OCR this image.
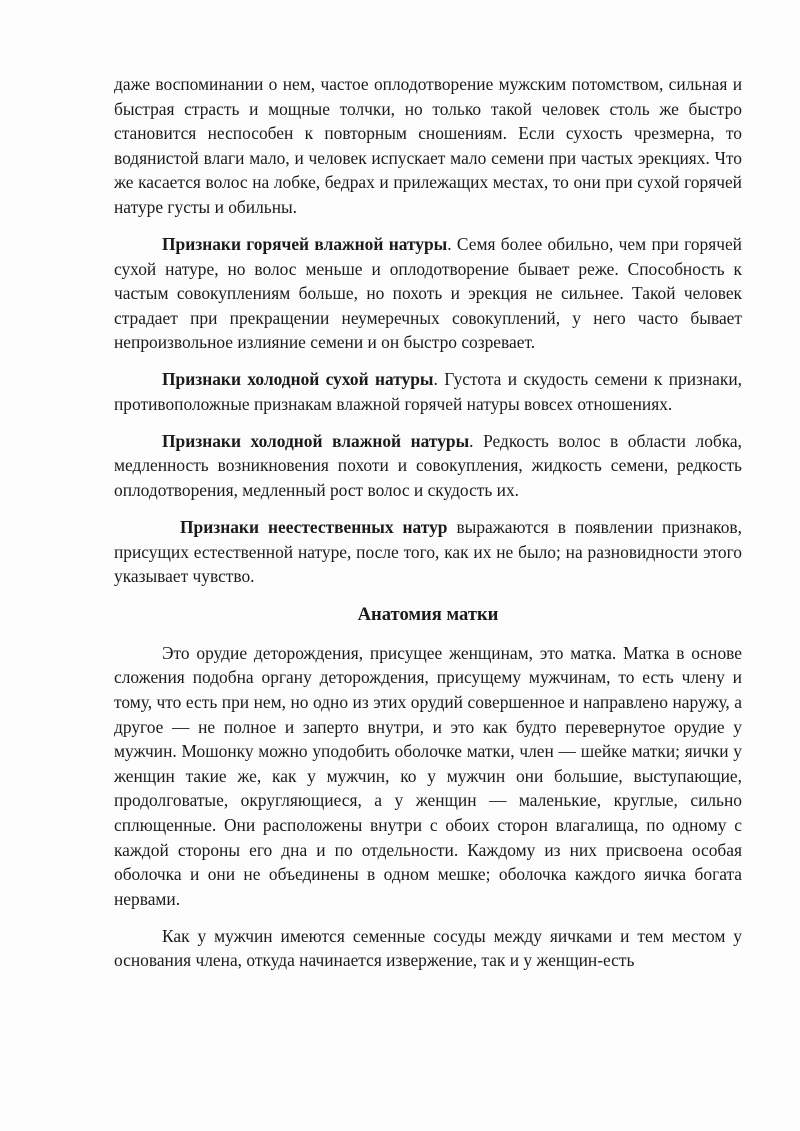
даже воспоминании о нем, частое оплодотворение мужским потомством, сильная и быстрая страсть и мощные толчки, но только такой человек столь же быстро становится неспособен к повторным сношениям. Если сухость чрезмерна, то водянистой влаги мало, и человек испускает мало семени при частых эрекциях. Что же касается волос на лобке, бедрах и прилежащих местах, то они при сухой горячей натуре густы и обильны.

Признаки горячей влажной натуры. Семя более обильно, чем при горячей сухой натуре, но волос меньше и оплодотворение бывает реже. Способность к частым совокуплениям больше, но похоть и эрекция не сильнее. Такой человек страдает при прекращении неумеречных совокуплений, у него часто бывает непроизвольное излияние семени и он быстро созревает.

Признаки холодной сухой натуры. Густота и скудость семени к признаки, противоположные признакам влажной горячей натуры вовсех отношениях.

Признаки холодной влажной натуры. Редкость волос в области лобка, медленность возникновения похоти и совокупления, жидкость семени, редкость оплодотворения, медленный рост волос и скудость их.

Признаки неестественных натур выражаются в появлении признаков, присущих естественной натуре, после того, как их не было; на разновидности этого указывает чувство.

Анатомия матки

Это орудие деторождения, присущее женщинам, это матка. Матка в основе сложения подобна органу деторождения, присущему мужчинам, то есть члену и тому, что есть при нем, но одно из этих орудий совершенное и направлено наружу, а другое — не полное и заперто внутри, и это как будто перевернутое орудие у мужчин. Мошонку можно уподобить оболочке матки, член — шейке матки; яички у женщин такие же, как у мужчин, ко у мужчин они большие, выступающие, продолговатые, округляющиеся, а у женщин — маленькие, круглые, сильно сплющенные. Они расположены внутри с обоих сторон влагалища, по одному с каждой стороны его дна и по отдельности. Каждому из них присвоена особая оболочка и они не объединены в одном мешке; оболочка каждого яичка богата нервами.

Как у мужчин имеются семенные сосуды между яичками и тем местом у основания члена, откуда начинается извержение, так и у женщин-есть
